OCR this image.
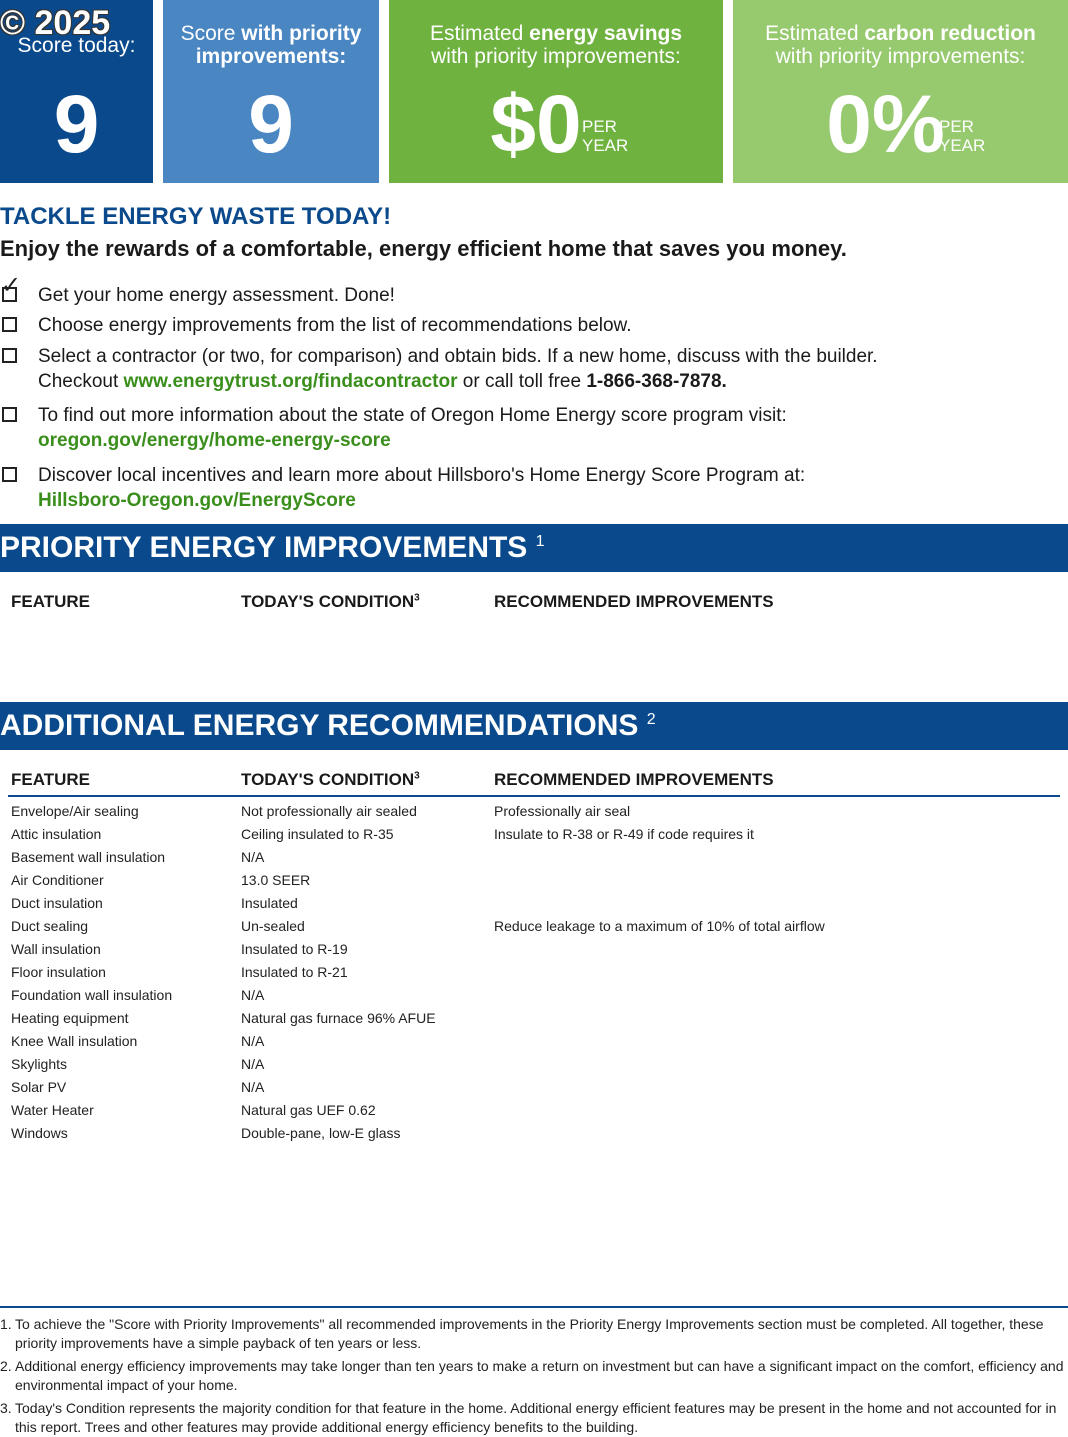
Score today:
9
Score with priority improvements:
9
Estimated energy savings
with priority improvements:
$0 PER
YEAR
Estimated carbon reduction
with priority improvements:
0%
PER
YEAR
© 2025
TACKLE ENERGY WASTE TODAY!
Enjoy the rewards of a comfortable, energy efficient home that saves you money.
✓ Get your home energy assessment. Done!
Choose energy improvements from the list of recommendations below.
Select a contractor (or two, for comparison) and obtain bids. If a new home, discuss with the builder.
Checkout www.energytrust.org/findacontractor or call toll free 1-866-368-7878.
To find out more information about the state of Oregon Home Energy score program visit:
oregon.gov/energy/home-energy-score
Discover local incentives and learn more about Hillsboro's Home Energy Score Program at:
Hillsboro-Oregon.gov/EnergyScore
PRIORITY ENERGY IMPROVEMENTS $^1$
FEATURE	TODAY'S CONDITION$^3$	RECOMMENDED IMPROVEMENTS
ADDITIONAL ENERGY RECOMMENDATIONS $^2$
FEATURE	TODAY'S CONDITION$^3$	RECOMMENDED IMPROVEMENTS
Envelope/Air sealing	Not professionally air sealed	Professionally air seal
Attic insulation	Ceiling insulated to R-35	Insulate to R-38 or R-49 if code requires it
Basement wall insulation	N/A
Air Conditioner	13.0 SEER
Duct insulation	Insulated
Duct sealing	Un-sealed	Reduce leakage to a maximum of 10% of total airflow
Wall insulation	Insulated to R-19
Floor insulation	Insulated to R-21
Foundation wall insulation	N/A
Heating equipment	Natural gas furnace 96% AFUE
Knee Wall insulation	N/A
Skylights	N/A
Solar PV	N/A
Water Heater	Natural gas UEF 0.62
Windows	Double-pane, low-E glass
1. To achieve the "Score with Priority Improvements" all recommended improvements in the Priority Energy Improvements section must be completed. All together, these priority improvements have a simple payback of ten years or less.
2. Additional energy efficiency improvements may take longer than ten years to make a return on investment but can have a significant impact on the comfort, efficiency and environmental impact of your home.
3. Today's Condition represents the majority condition for that feature in the home. Additional energy efficient features may be present in the home and not accounted for in this report. Trees and other features may provide additional energy efficiency benefits to the building.
